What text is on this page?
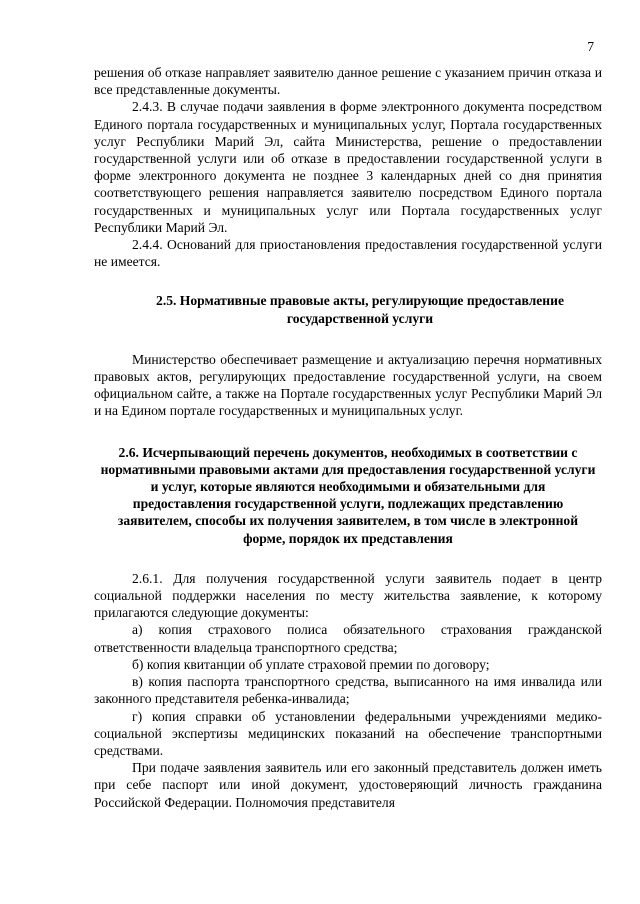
7

решения об отказе направляет заявителю данное решение с указанием причин отказа и все представленные документы.

2.4.3. В случае подачи заявления в форме электронного документа посредством Единого портала государственных и муниципальных услуг, Портала государственных услуг Республики Марий Эл, сайта Министерства, решение о предоставлении государственной услуги или об отказе в предоставлении государственной услуги в форме электронного документа не позднее 3 календарных дней со дня принятия соответствующего решения направляется заявителю посредством Единого портала государственных и муниципальных услуг или Портала государственных услуг Республики Марий Эл.

2.4.4. Оснований для приостановления предоставления государственной услуги не имеется.

2.5. Нормативные правовые акты, регулирующие предоставление государственной услуги

Министерство обеспечивает размещение и актуализацию перечня нормативных правовых актов, регулирующих предоставление государственной услуги, на своем официальном сайте, а также на Портале государственных услуг Республики Марий Эл и на Едином портале государственных и муниципальных услуг.

2.6. Исчерпывающий перечень документов, необходимых в соответствии с нормативными правовыми актами для предоставления государственной услуги и услуг, которые являются необходимыми и обязательными для предоставления государственной услуги, подлежащих представлению заявителем, способы их получения заявителем, в том числе в электронной форме, порядок их представления

2.6.1. Для получения государственной услуги заявитель подает в центр социальной поддержки населения по месту жительства заявление, к которому прилагаются следующие документы:

а) копия страхового полиса обязательного страхования гражданской ответственности владельца транспортного средства;

б) копия квитанции об уплате страховой премии по договору;

в) копия паспорта транспортного средства, выписанного на имя инвалида или законного представителя ребенка-инвалида;

г) копия справки об установлении федеральными учреждениями медико-социальной экспертизы медицинских показаний на обеспечение транспортными средствами.

При подаче заявления заявитель или его законный представитель должен иметь при себе паспорт или иной документ, удостоверяющий личность гражданина Российской Федерации. Полномочия представителя
